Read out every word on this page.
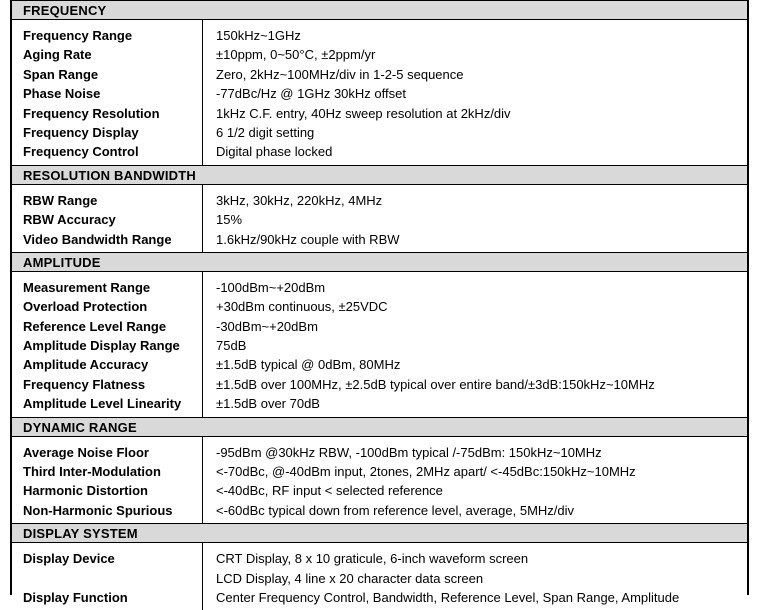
FREQUENCY
Frequency Range
Aging Rate
Span Range
Phase Noise
Frequency Resolution
Frequency Display
Frequency Control
150kHz~1GHz
±10ppm, 0~50°C, ±2ppm/yr
Zero, 2kHz~100MHz/div in 1-2-5 sequence
-77dBc/Hz @ 1GHz 30kHz offset
1kHz C.F. entry, 40Hz sweep resolution at 2kHz/div
6 1/2 digit setting
Digital phase locked
RESOLUTION BANDWIDTH
RBW Range
RBW Accuracy
Video Bandwidth Range
3kHz, 30kHz, 220kHz, 4MHz
15%
1.6kHz/90kHz couple with RBW
AMPLITUDE
Measurement Range
Overload Protection
Reference Level Range
Amplitude Display Range
Amplitude Accuracy
Frequency Flatness
Amplitude Level Linearity
-100dBm~+20dBm
+30dBm continuous, ±25VDC
-30dBm~+20dBm
75dB
±1.5dB typical @ 0dBm, 80MHz
±1.5dB over 100MHz, ±2.5dB typical over entire band/±3dB:150kHz~10MHz
±1.5dB over 70dB
DYNAMIC RANGE
Average Noise Floor
Third Inter-Modulation
Harmonic Distortion
Non-Harmonic Spurious
-95dBm @30kHz RBW, -100dBm typical /-75dBm: 150kHz~10MHz
<-70dBc, @-40dBm input, 2tones, 2MHz apart/ <-45dBc:150kHz~10MHz
<-40dBc, RF input < selected reference
<-60dBc typical down from reference level, average, 5MHz/div
DISPLAY SYSTEM
Display Device
Display Function
CRT Display, 8 x 10 graticule, 6-inch waveform screen
LCD Display, 4 line x 20 character data screen
Center Frequency Control, Bandwidth, Reference Level, Span Range, Amplitude
